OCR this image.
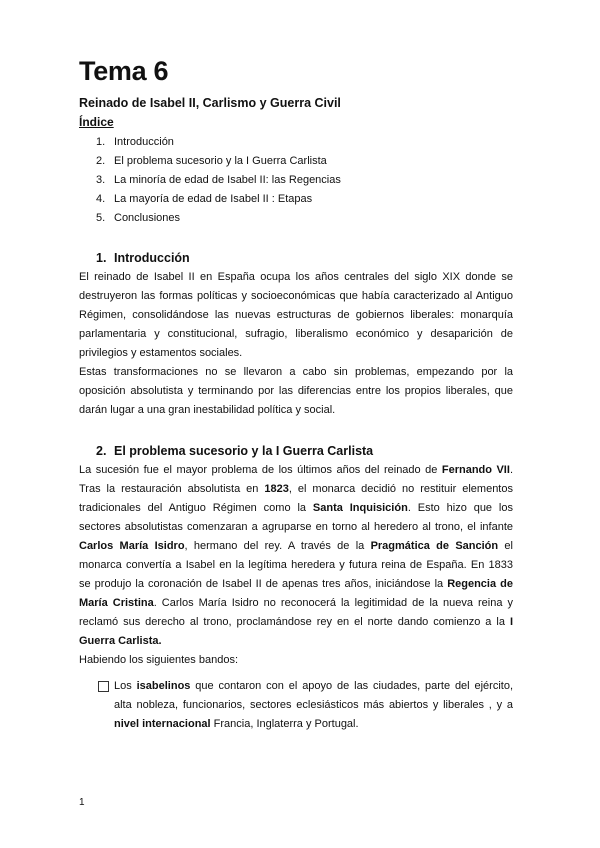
Tema 6
Reinado de Isabel II, Carlismo y Guerra Civil
Índice
1. Introducción
2. El problema sucesorio y la I Guerra Carlista
3. La minoría de edad de Isabel II: las Regencias
4. La mayoría de edad de Isabel II : Etapas
5. Conclusiones
1. Introducción
El reinado de Isabel II en España ocupa los años centrales del siglo XIX donde se
destruyeron las formas políticas y socioeconómicas que había caracterizado al Antiguo
Régimen, consolidándose las nuevas estructuras de gobiernos liberales: monarquía
parlamentaria y constitucional, sufragio, liberalismo económico y desaparición de
privilegios y estamentos sociales.
Estas transformaciones no se llevaron a cabo sin problemas, empezando por la
oposición absolutista y terminando por las diferencias entre los propios liberales, que
darán lugar a una gran inestabilidad política y social.
2. El problema sucesorio y la I Guerra Carlista
La sucesión fue el mayor problema de los últimos años del reinado de Fernando VII.
Tras la restauración absolutista en 1823, el monarca decidió no restituir elementos
tradicionales del Antiguo Régimen como la Santa Inquisición. Esto hizo que los
sectores absolutistas comenzaran a agruparse en torno al heredero al trono, el infante
Carlos María Isidro, hermano del rey. A través de la Pragmática de Sanción el
monarca convertía a Isabel en la legítima heredera y futura reina de España. En 1833
se produjo la coronación de Isabel II de apenas tres años, iniciándose la Regencia de
María Cristina. Carlos María Isidro no reconocerá la legitimidad de la nueva reina y
reclamó sus derecho al trono, proclamándose rey en el norte dando comienzo a la I
Guerra Carlista.
Habiendo los siguientes bandos:
Los isabelinos que contaron con el apoyo de las ciudades, parte del ejército,
alta nobleza, funcionarios, sectores eclesiásticos más abiertos y liberales , y a
nivel internacional Francia, Inglaterra y Portugal.
1
